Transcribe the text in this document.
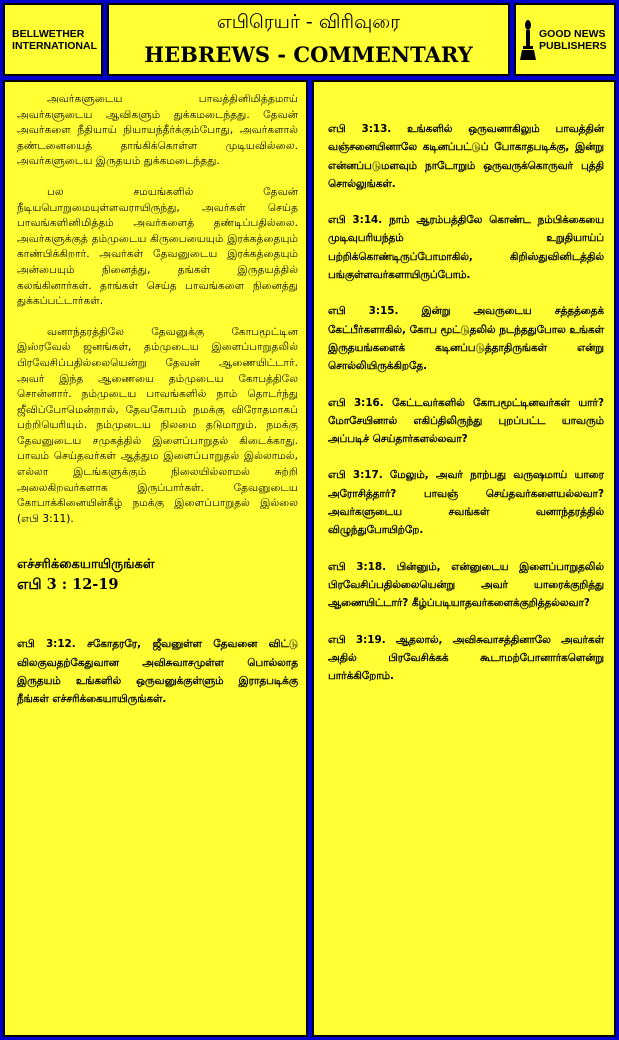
BELLWETHER
INTERNATIONAL
எபிரெயர் - விரிவுரை
HEBREWS - COMMENTARY
GOOD NEWS
PUBLISHERS

அவர்களுடைய பாவத்தினிமித்தமாய் அவர்களுடைய ஆவிகளும் துக்கமடைந்தது. தேவன் அவர்களை நீதியாய் நியாயந்தீர்க்கும்போது, அவர்களால் தண்டனையைத் தாங்கிக்கொள்ள முடியவில்லை. அவர்களுடைய இருதயம் துக்கமடைந்தது.

பல சமயங்களில் தேவன் நீடியபொறுமையுள்ளவராயிருந்து, அவர்கள் செய்த பாவங்களினிமித்தம் அவர்களைத் தண்டிப்பதில்லை. அவர்களுக்குத் தம்முடைய கிருபையையும் இரக்கத்தையும் காண்பிக்கிறார். அவர்கள் தேவனுடைய இரக்கத்தையும் அன்பையும் நினைத்து, தங்கள் இருதயத்தில் கலங்கினார்கள். தாங்கள் செய்த பாவங்களை நினைத்து துக்கப்பட்டார்கள்.

வனாந்தரத்திலே தேவனுக்கு கோபமூட்டின இஸ்ரவேல் ஜனங்கள், தம்முடைய இளைப்பாறுதலில் பிரவேசிப்பதில்லையென்று தேவன் ஆணையிட்டார். அவர் இந்த ஆணையை தம்முடைய கோபத்திலே சொன்னார். நம்முடைய பாவங்களில் நாம் தொடர்ந்து ஜீவிப்போமென்றால், தேவகோபம் நமக்கு விரோதமாகப் பற்றியெரியும். நம்முடைய நிலமை தடுமாறும். நமக்கு தேவனுடைய சமுகத்தில் இளைப்பாறுதல் கிடைக்காது. பாவம் செய்தவர்கள் ஆத்தும இளைப்பாறுதல் இல்லாமல், எல்லா இடங்களுக்கும் நிலையில்லாமல் சுற்றி அலைகிறவர்களாக இருப்பார்கள். தேவனுடைய கோபாக்கினையின்கீழ் நமக்கு இளைப்பாறுதல் இல்லை (எபி 3:11).

எச்சரிக்கையாயிருங்கள்
எபி 3 : 12-19

எபி 3:12. சகோதரரே, ஜீவனுள்ள தேவனை விட்டு விலகுவதற்கேதுவான அவிசுவாசமுள்ள பொல்லாத இருதயம் உங்களில் ஒருவனுக்குள்ளும் இராதபடிக்கு நீங்கள் எச்சரிக்கையாயிருங்கள்.

எபி 3:13. உங்களில் ஒருவனாகிலும் பாவத்தின் வஞ்சனையினாலே கடினப்பட்டுப் போகாதபடிக்கு, இன்று என்னப்படுமளவும் நாடோறும் ஒருவருக்கொருவர் புத்தி சொல்லுங்கள்.

எபி 3:14. நாம் ஆரம்பத்திலே கொண்ட நம்பிக்கையை முடிவுபரியந்தம் உறுதியாய்ப் பற்றிக்கொண்டிருப்போமாகில், கிறிஸ்துவினிடத்தில் பங்குள்ளவர்களாயிருப்போம்.

எபி 3:15. இன்று அவருடைய சத்தத்தைக் கேட்பீர்களாகில், கோப மூட்டுதலில் நடந்ததுபோல உங்கள் இருதயங்களைக் கடினப்படுத்தாதிருங்கள் என்று சொல்லியிருக்கிறதே.

எபி 3:16. கேட்டவர்களில் கோபமூட்டினவர்கள் யார்? மோசேயினால் எகிப்திலிருந்து புறப்பட்ட யாவரும் அப்படிச் செய்தார்களல்லவா?

எபி 3:17. மேலும், அவர் நாற்பது வருஷமாய் யாரை அரோசித்தார்? பாவஞ் செய்தவர்களையல்லவா? அவர்களுடைய சவங்கள் வனாந்தரத்தில் விழுந்துபோயிற்றே.

எபி 3:18. பின்னும், என்னுடைய இளைப்பாறுதலில் பிரவேசிப்பதில்லையென்று அவர் யாரைக்குறித்து ஆணையிட்டார்? கீழ்ப்படியாதவர்களைக்குறித்தல்லவா?

எபி 3:19. ஆதலால், அவிசுவாசத்தினாலே அவர்கள் அதில் பிரவேசிக்கக் கூடாமற்போனார்களென்று பார்க்கிறோம்.
